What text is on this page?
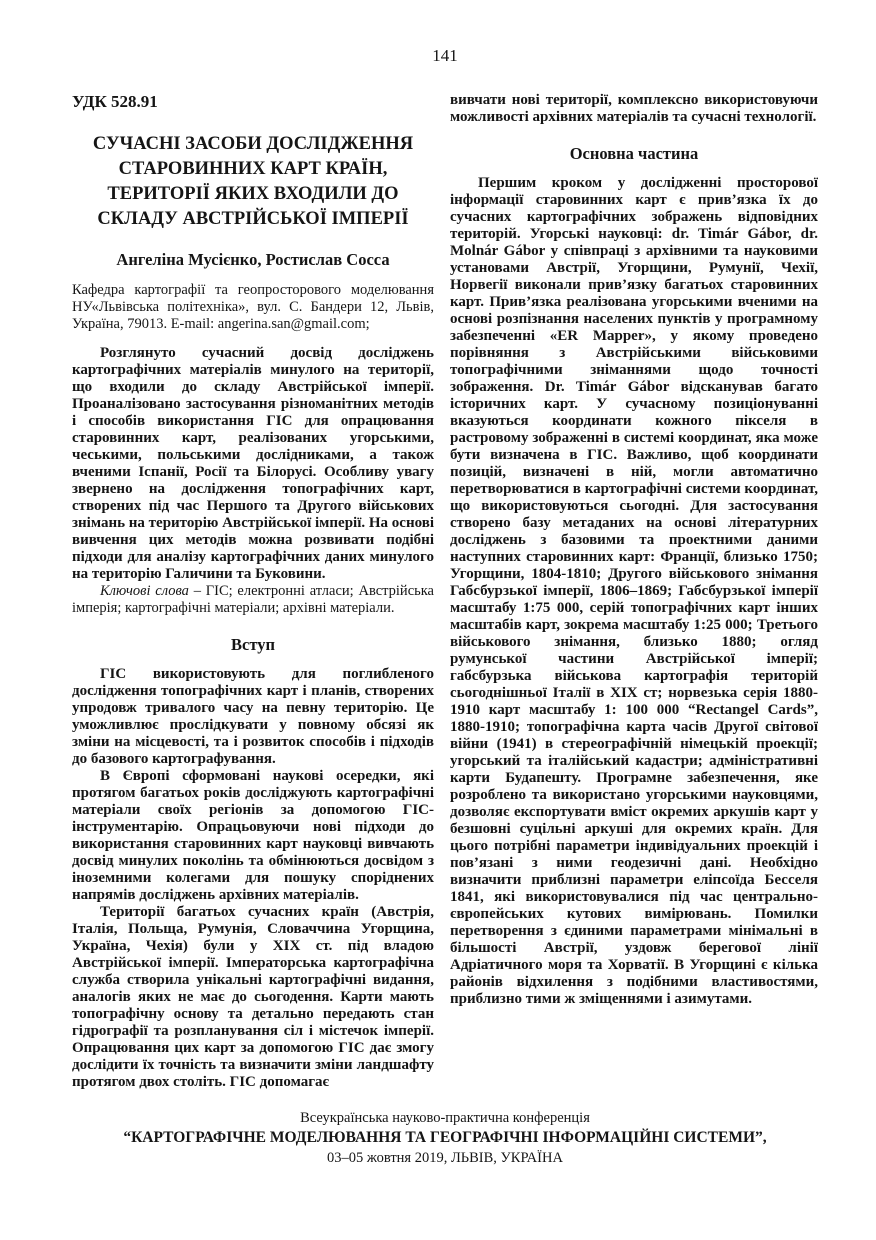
141
УДК 528.91
СУЧАСНІ ЗАСОБИ ДОСЛІДЖЕННЯ
СТАРОВИННИХ КАРТ КРАЇН,
ТЕРИТОРІЇ ЯКИХ ВХОДИЛИ ДО
СКЛАДУ АВСТРІЙСЬКОЇ ІМПЕРІЇ
Ангеліна Мусієнко, Ростислав Сосса

Кафедра картографії та геопросторового моделювання НУ«Львівська політехніка», вул. С. Бандери 12, Львів, Україна, 79013. E-mail: angerina.san@gmail.com;

Розглянуто сучасний досвід досліджень картографічних матеріалів минулого на території, що входили до складу Австрійської імперії. Проаналізовано застосування різноманітних методів і способів використання ГІС для опрацювання старовинних карт, реалізованих угорськими, чеськими, польськими дослідниками, а також вченими Іспанії, Росії та Білорусі. Особливу увагу звернено на дослідження топографічних карт, створених під час Першого та Другого військових знімань на територію Австрійської імперії. На основі вивчення цих методів можна розвивати подібні підходи для аналізу картографічних даних минулого на територію Галичини та Буковини.

Ключові слова – ГІС; електронні атласи; Австрійська імперія; картографічні матеріали; архівні матеріали.

Вступ

ГІС використовують для поглибленого дослідження топографічних карт і планів, створених упродовж тривалого часу на певну територію. Це уможливлює прослідкувати у повному обсязі як зміни на місцевості, та і розвиток способів і підходів до базового картографування.

В Європі сформовані наукові осередки, які протягом багатьох років досліджують картографічні матеріали своїх регіонів за допомогою ГІС-інструментарію. Опрацьовуючи нові підходи до використання старовинних карт науковці вивчають досвід минулих поколінь та обмінюються досвідом з іноземними колегами для пошуку споріднених напрямів досліджень архівних матеріалів.

Території багатьох сучасних країн (Австрія, Італія, Польща, Румунія, Словаччина Угорщина, Україна, Чехія) були у XIX ст. під владою Австрійської імперії. Імператорська картографічна служба створила унікальні картографічні видання, аналогів яких не має до сьогодення. Карти мають топографічну основу та детально передають стан гідрографії та розпланування сіл і містечок імперії. Опрацювання цих карт за допомогою ГІС дає змогу дослідити їх точність та визначити зміни ландшафту протягом двох століть. ГІС допомагає

вивчати нові території, комплексно використовуючи можливості архівних матеріалів та сучасні технології.

Основна частина

Першим кроком у дослідженні просторової інформації старовинних карт є прив’язка їх до сучасних картографічних зображень відповідних територій. Угорські науковці: dr. Timár Gábor, dr. Molnár Gábor у співпраці з архівними та науковими установами Австрії, Угорщини, Румунії, Чехії, Норвегії виконали прив’язку багатьох старовинних карт. Прив’язка реалізована угорськими вченими на основі розпізнання населених пунктів у програмному забезпеченні «ER Mapper», у якому проведено порівняння з Австрійськими військовими топографічними зніманнями щодо точності зображення. Dr. Timár Gábor відсканував багато історичних карт. У сучасному позиціонуванні вказуються координати кожного пікселя в растровому зображенні в системі координат, яка може бути визначена в ГІС. Важливо, щоб координати позицій, визначені в ній, могли автоматично перетворюватися в картографічні системи координат, що використовуються сьогодні. Для застосування створено базу метаданих на основі літературних досліджень з базовими та проектними даними наступних старовинних карт: Франції, близько 1750; Угорщини, 1804-1810; Другого військового знімання Габсбурзької імперії, 1806–1869; Габсбурзької імперії масштабу 1:75 000, серій топографічних карт інших масштабів карт, зокрема масштабу 1:25 000; Третього військового знімання, близько 1880; огляд румунської частини Австрійської імперії; габсбурзька військова картографія територій сьогоднішньої Італії в XIX ст; норвезька серія 1880-1910 карт масштабу 1: 100 000 “Rectangel Cards”, 1880-1910; топографічна карта часів Другої світової війни (1941) в стереографічній німецькій проекції; угорський та італійський кадастри; адміністративні карти Будапешту. Програмне забезпечення, яке розроблено та використано угорськими науковцями, дозволяє експортувати вміст окремих аркушів карт у безшовні суцільні аркуші для окремих країн. Для цього потрібні параметри індивідуальних проекцій і пов’язані з ними геодезичні дані. Необхідно визначити приблизні параметри еліпсоїда Бесселя 1841, які використовувалися під час центрально-європейських кутових вимірювань. Помилки перетворення з єдиними параметрами мінімальні в більшості Австрії, уздовж берегової лінії Адріатичного моря та Хорватії. В Угорщині є кілька районів відхилення з подібними властивостями, приблизно тими ж зміщеннями і азимутами.

Всеукраїнська науково-практична конференція
“КАРТОГРАФІЧНЕ МОДЕЛЮВАННЯ ТА ГЕОГРАФІЧНІ ІНФОРМАЦІЙНІ СИСТЕМИ”,
03–05 жовтня 2019, ЛЬВІВ, УКРАЇНА
